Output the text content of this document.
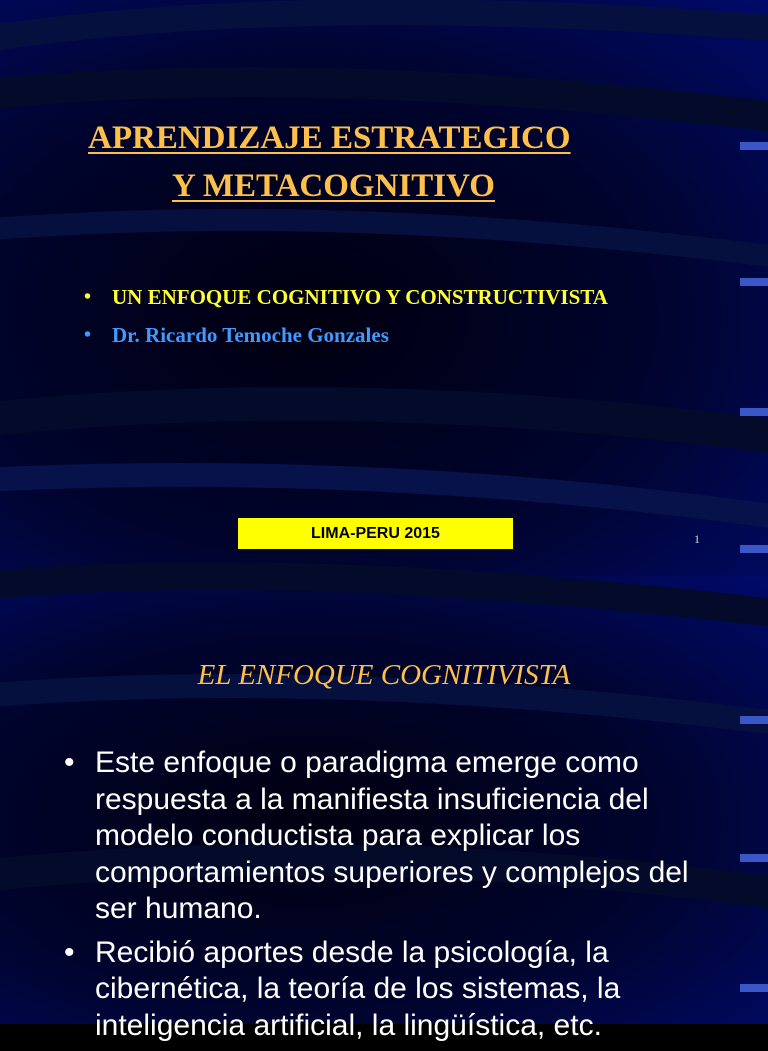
APRENDIZAJE ESTRATEGICO
Y METACOGNITIVO
• UN ENFOQUE COGNITIVO Y CONSTRUCTIVISTA
• Dr. Ricardo Temoche Gonzales
LIMA-PERU 2015	1
EL ENFOQUE COGNITIVISTA
• Este enfoque o paradigma emerge como respuesta a la manifiesta insuficiencia del modelo conductista para explicar los comportamientos superiores y complejos del ser humano.
• Recibió aportes desde la psicología, la cibernética, la teoría de los sistemas, la inteligencia artificial, la lingüística, etc.
